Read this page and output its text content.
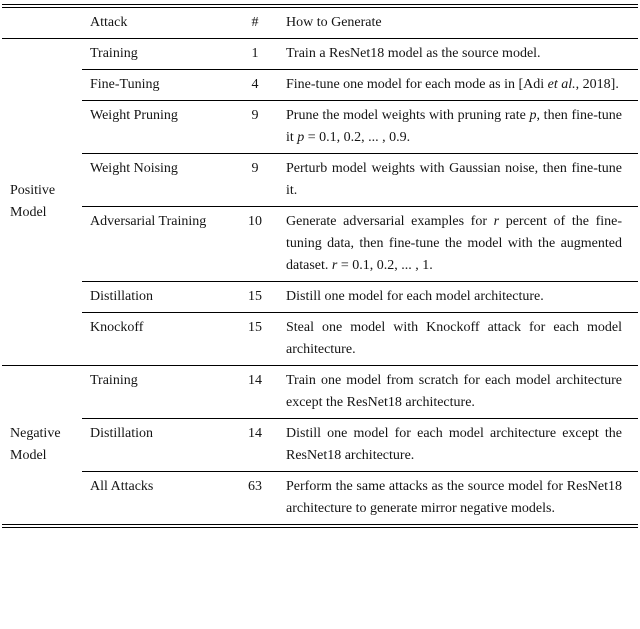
	Attack	#	How to Generate
Positive Model	Training	1	Train a ResNet18 model as the source model.
	Fine-Tuning	4	Fine-tune one model for each mode as in [Adi et al., 2018].
	Weight Pruning	9	Prune the model weights with pruning rate p, then fine-tune it p = 0.1, 0.2, ... , 0.9.
	Weight Noising	9	Perturb model weights with Gaussian noise, then fine-tune it.
	Adversarial Training	10	Generate adversarial examples for r percent of the fine-tuning data, then fine-tune the model with the augmented dataset. r = 0.1, 0.2, ... , 1.
	Distillation	15	Distill one model for each model architecture.
	Knockoff	15	Steal one model with Knockoff attack for each model architecture.
Negative Model	Training	14	Train one model from scratch for each model architecture except the ResNet18 architecture.
	Distillation	14	Distill one model for each model architecture except the ResNet18 architecture.
	All Attacks	63	Perform the same attacks as the source model for ResNet18 architecture to generate mirror negative models.
